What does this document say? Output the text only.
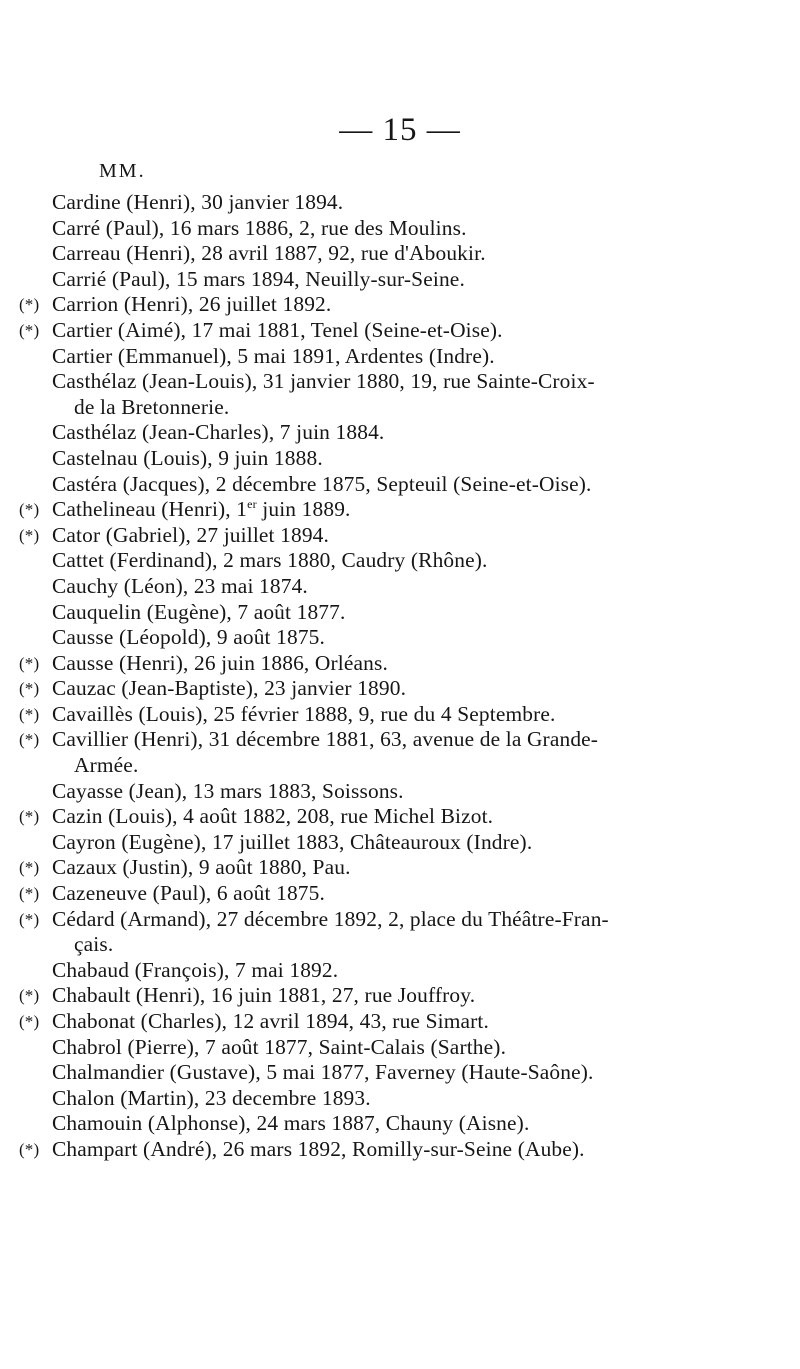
— 15 —
MM.
Cardine (Henri), 30 janvier 1894.
Carré (Paul), 16 mars 1886, 2, rue des Moulins.
Carreau (Henri), 28 avril 1887, 92, rue d'Aboukir.
Carrié (Paul), 15 mars 1894, Neuilly-sur-Seine.
(*) Carrion (Henri), 26 juillet 1892.
(*) Cartier (Aimé), 17 mai 1881, Tenel (Seine-et-Oise).
Cartier (Emmanuel), 5 mai 1891, Ardentes (Indre).
Casthélaz (Jean-Louis), 31 janvier 1880, 19, rue Sainte-Croix-
de la Bretonnerie.
Casthélaz (Jean-Charles), 7 juin 1884.
Castelnau (Louis), 9 juin 1888.
Castéra (Jacques), 2 décembre 1875, Septeuil (Seine-et-Oise).
(*) Cathelineau (Henri), 1er juin 1889.
(*) Cator (Gabriel), 27 juillet 1894.
Cattet (Ferdinand), 2 mars 1880, Caudry (Rhône).
Cauchy (Léon), 23 mai 1874.
Cauquelin (Eugène), 7 août 1877.
Causse (Léopold), 9 août 1875.
(*) Causse (Henri), 26 juin 1886, Orléans.
(*) Cauzac (Jean-Baptiste), 23 janvier 1890.
(*) Cavaillès (Louis), 25 février 1888, 9, rue du 4 Septembre.
(*) Cavillier (Henri), 31 décembre 1881, 63, avenue de la Grande-
Armée.
Cayasse (Jean), 13 mars 1883, Soissons.
(*) Cazin (Louis), 4 août 1882, 208, rue Michel Bizot.
Cayron (Eugène), 17 juillet 1883, Châteauroux (Indre).
(*) Cazaux (Justin), 9 août 1880, Pau.
(*) Cazeneuve (Paul), 6 août 1875.
(*) Cédard (Armand), 27 décembre 1892, 2, place du Théâtre-Fran-
çais.
Chabaud (François), 7 mai 1892.
(*) Chabault (Henri), 16 juin 1881, 27, rue Jouffroy.
(*) Chabonat (Charles), 12 avril 1894, 43, rue Simart.
Chabrol (Pierre), 7 août 1877, Saint-Calais (Sarthe).
Chalmandier (Gustave), 5 mai 1877, Faverney (Haute-Saône).
Chalon (Martin), 23 decembre 1893.
Chamouin (Alphonse), 24 mars 1887, Chauny (Aisne).
(*) Champart (André), 26 mars 1892, Romilly-sur-Seine (Aube).
